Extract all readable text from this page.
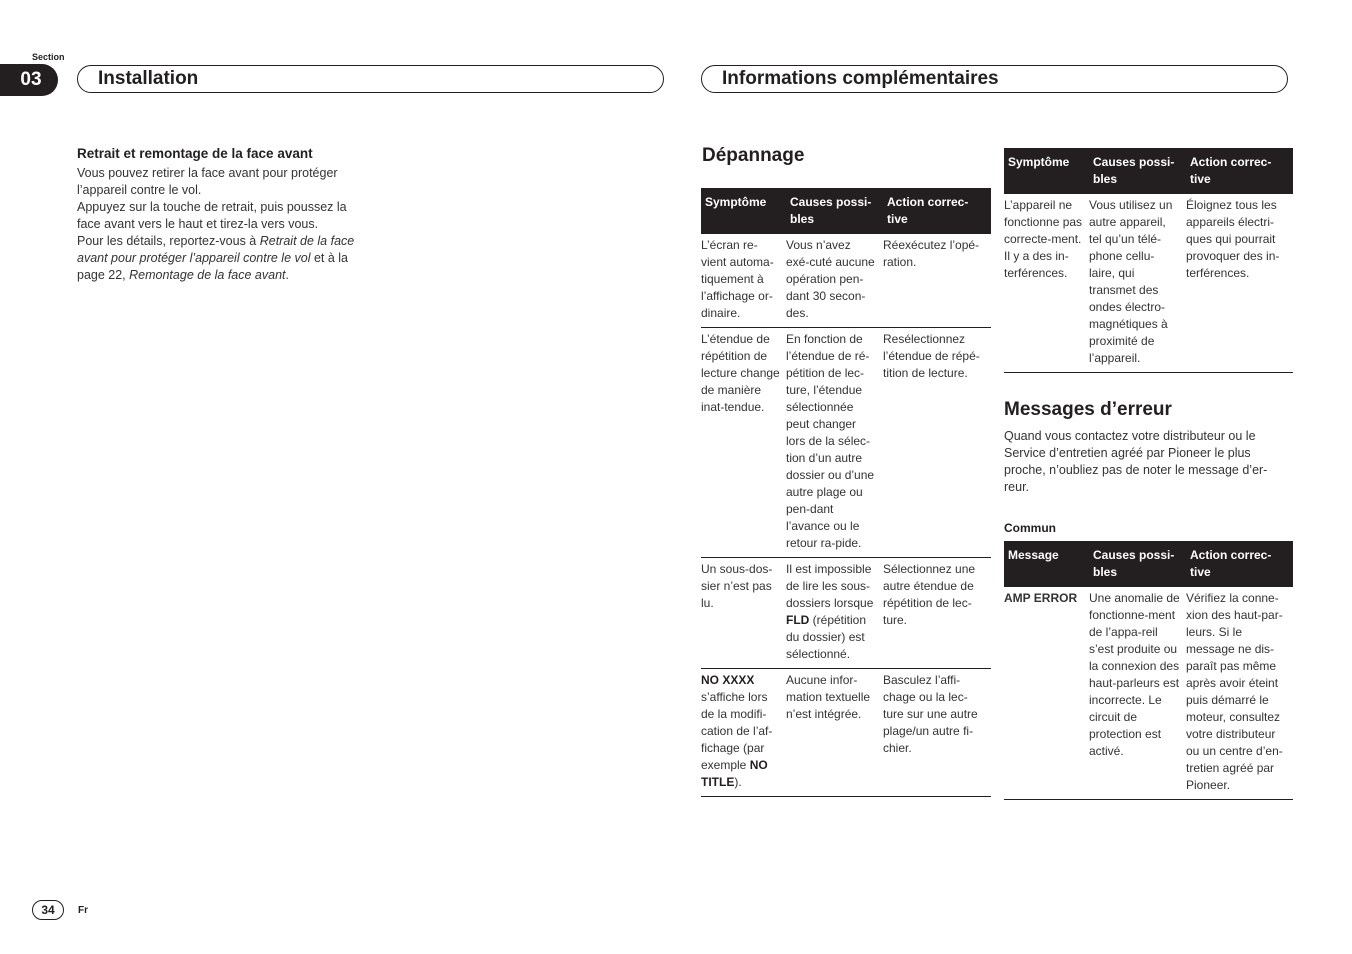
Section
03	Installation	Informations complémentaires
Retrait et remontage de la face avant
Vous pouvez retirer la face avant pour protéger l’appareil contre le vol.
Appuyez sur la touche de retrait, puis poussez la face avant vers le haut et tirez-la vers vous.
Pour les détails, reportez-vous à Retrait de la face avant pour protéger l’appareil contre le vol et à la page 22, Remontage de la face avant.
Dépannage
Symptôme	Causes possi-bles	Action correc-tive
L’écran re-vient automa-tiquement à l’affichage or-dinaire.	Vous n’avez exé-cuté aucune opération pen-dant 30 secon-des.	Réexécutez l’opé-ration.
L’étendue de répétition de lecture change de manière inat-tendue.	En fonction de l’étendue de ré-pétition de lec-ture, l’étendue sélectionnée peut changer lors de la sélec-tion d’un autre dossier ou d’une autre plage ou pen-dant l’avance ou le retour ra-pide.	Resélectionnez l’étendue de répé-tition de lecture.
Un sous-dos-sier n’est pas lu.	Il est impossible de lire les sous-dossiers lorsque FLD (répétition du dossier) est sélectionné.	Sélectionnez une autre étendue de répétition de lec-ture.
NO XXXX s’affiche lors de la modifi-cation de l’af-fichage (par exemple NO TITLE).	Aucune infor-mation textuelle n’est intégrée.	Basculez l’affi-chage ou la lec-ture sur une autre plage/un autre fi-chier.
Symptôme	Causes possi-bles	Action correc-tive
L’appareil ne fonctionne pas correcte-ment. Il y a des in-terférences.	Vous utilisez un autre appareil, tel qu’un télé-phone cellu-laire, qui transmet des ondes électro-magnétiques à proximité de l’appareil.	Éloignez tous les appareils électri-ques qui pourrait provoquer des in-terférences.
Messages d’erreur
Quand vous contactez votre distributeur ou le Service d’entretien agréé par Pioneer le plus proche, n’oubliez pas de noter le message d’er-reur.
Commun
Message	Causes possi-bles	Action correc-tive
AMP ERROR	Une anomalie de fonctionne-ment de l’appa-reil s’est produite ou la connexion des haut-parleurs est incorrecte. Le circuit de protection est activé.	Vérifiez la conne-xion des haut-par-leurs. Si le message ne dis-paraît pas même après avoir éteint puis démarré le moteur, consultez votre distributeur ou un centre d’en-tretien agréé par Pioneer.
34	Fr
